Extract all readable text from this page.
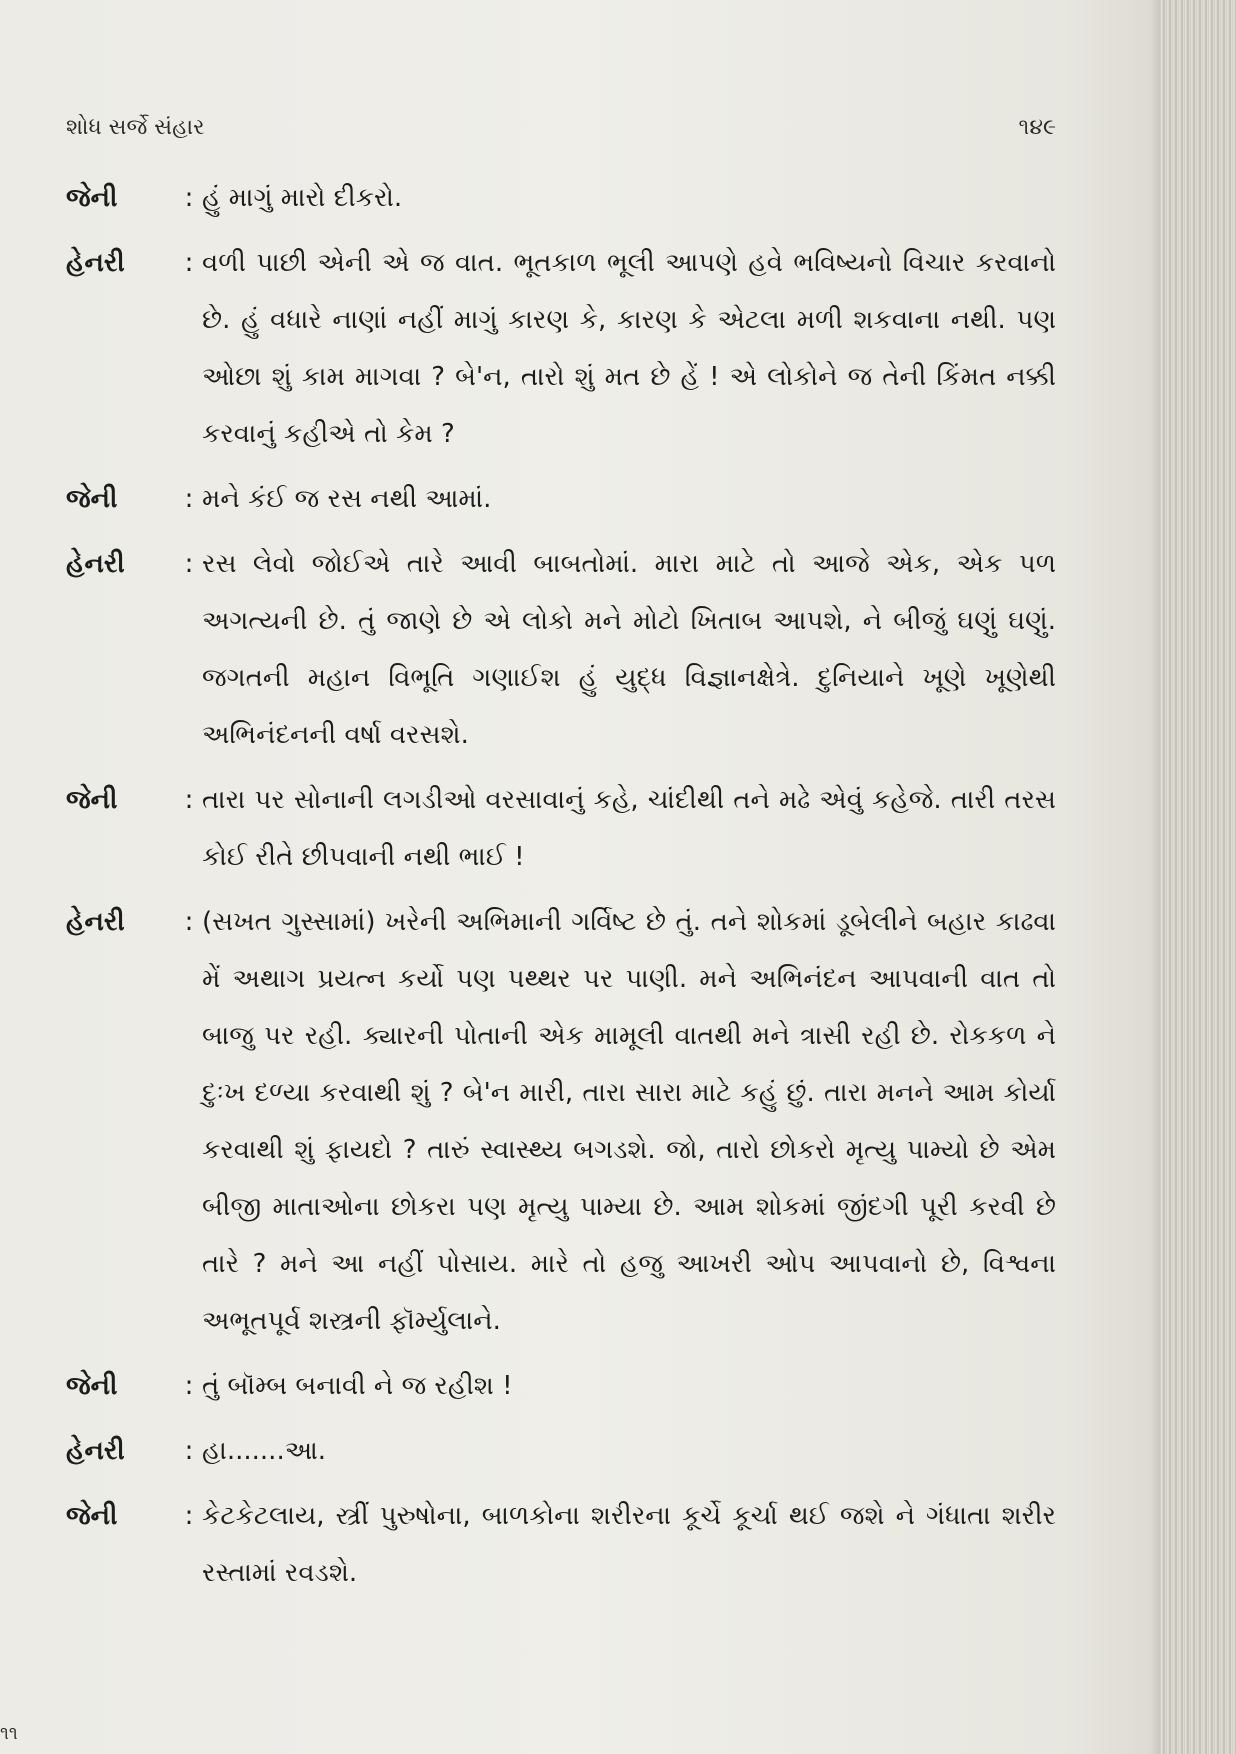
શોધ સર્જે સંહાર	૧૪૯
જેની	: હું માગું મારો દીકરો.
હેનરી	: વળી પાછી એની એ જ વાત. ભૂતકાળ ભૂલી આપણે હવે ભવિષ્યનો વિચાર કરવાનો છે. હું વધારે નાણાં નહીં માગું કારણ કે, કારણ કે એટલા મળી શકવાના નથી. પણ ઓછા શું કામ માગવા ? બે'ન, તારો શું મત છે હેં ! એ લોકોને જ તેની કિંમત નક્કી કરવાનું કહીએ તો કેમ ?
જેની	: મને કંઈ જ રસ નથી આમાં.
હેનરી	: રસ લેવો જોઈએ તારે આવી બાબતોમાં. મારા માટે તો આજે એક, એક પળ અગત્યની છે. તું જાણે છે એ લોકો મને મોટો ખિતાબ આપશે, ને બીજું ઘણું ઘણું. જગતની મહાન વિભૂતિ ગણાઈશ હું યુદ્ધ વિજ્ઞાનક્ષેત્રે. દુનિયાને ખૂણે ખૂણેથી અભિનંદનની વર્ષા વરસશે.
જેની	: તારા પર સોનાની લગડીઓ વરસાવાનું કહે, ચાંદીથી તને મઢે એવું કહેજે. તારી તરસ કોઈ રીતે છીપવાની નથી ભાઈ !
હેનરી	: (સખત ગુસ્સામાં) ખરેની અભિમાની ગર્વિષ્ટ છે તું. તને શોકમાં ડૂબેલીને બહાર કાઢવા મેં અથાગ પ્રયત્ન કર્યો પણ પથ્થર પર પાણી. મને અભિનંદન આપવાની વાત તો બાજુ પર રહી. ક્યારની પોતાની એક મામૂલી વાતથી મને ત્રાસી રહી છે. રોકકળ ને દુઃખ દળ્યા કરવાથી શું ? બે'ન મારી, તારા સારા માટે કહું છું. તારા મનને આમ કોર્યા કરવાથી શું ફાયદો ? તારું સ્વાસ્થ્ય બગડશે. જો, તારો છોકરો મૃત્યુ પામ્યો છે એમ બીજી માતાઓના છોકરા પણ મૃત્યુ પામ્યા છે. આમ શોકમાં જીંદગી પૂરી કરવી છે તારે ? મને આ નહીં પોસાય. મારે તો હજુ આખરી ઓપ આપવાનો છે, વિશ્વના અભૂતપૂર્વ શસ્ત્રની ફૉર્મ્યુલાને.
જેની	: તું બૉમ્બ બનાવી ને જ રહીશ !
હેનરી	: હા.......આ.
જેની	: કેટકેટલાય, સ્ત્રીં પુરુષોના, બાળકોના શરીરના કૂર્ચે કૂર્ચા થઈ જશે ને ગંધાતા શરીર રસ્તામાં રવડશે.
૧૧
